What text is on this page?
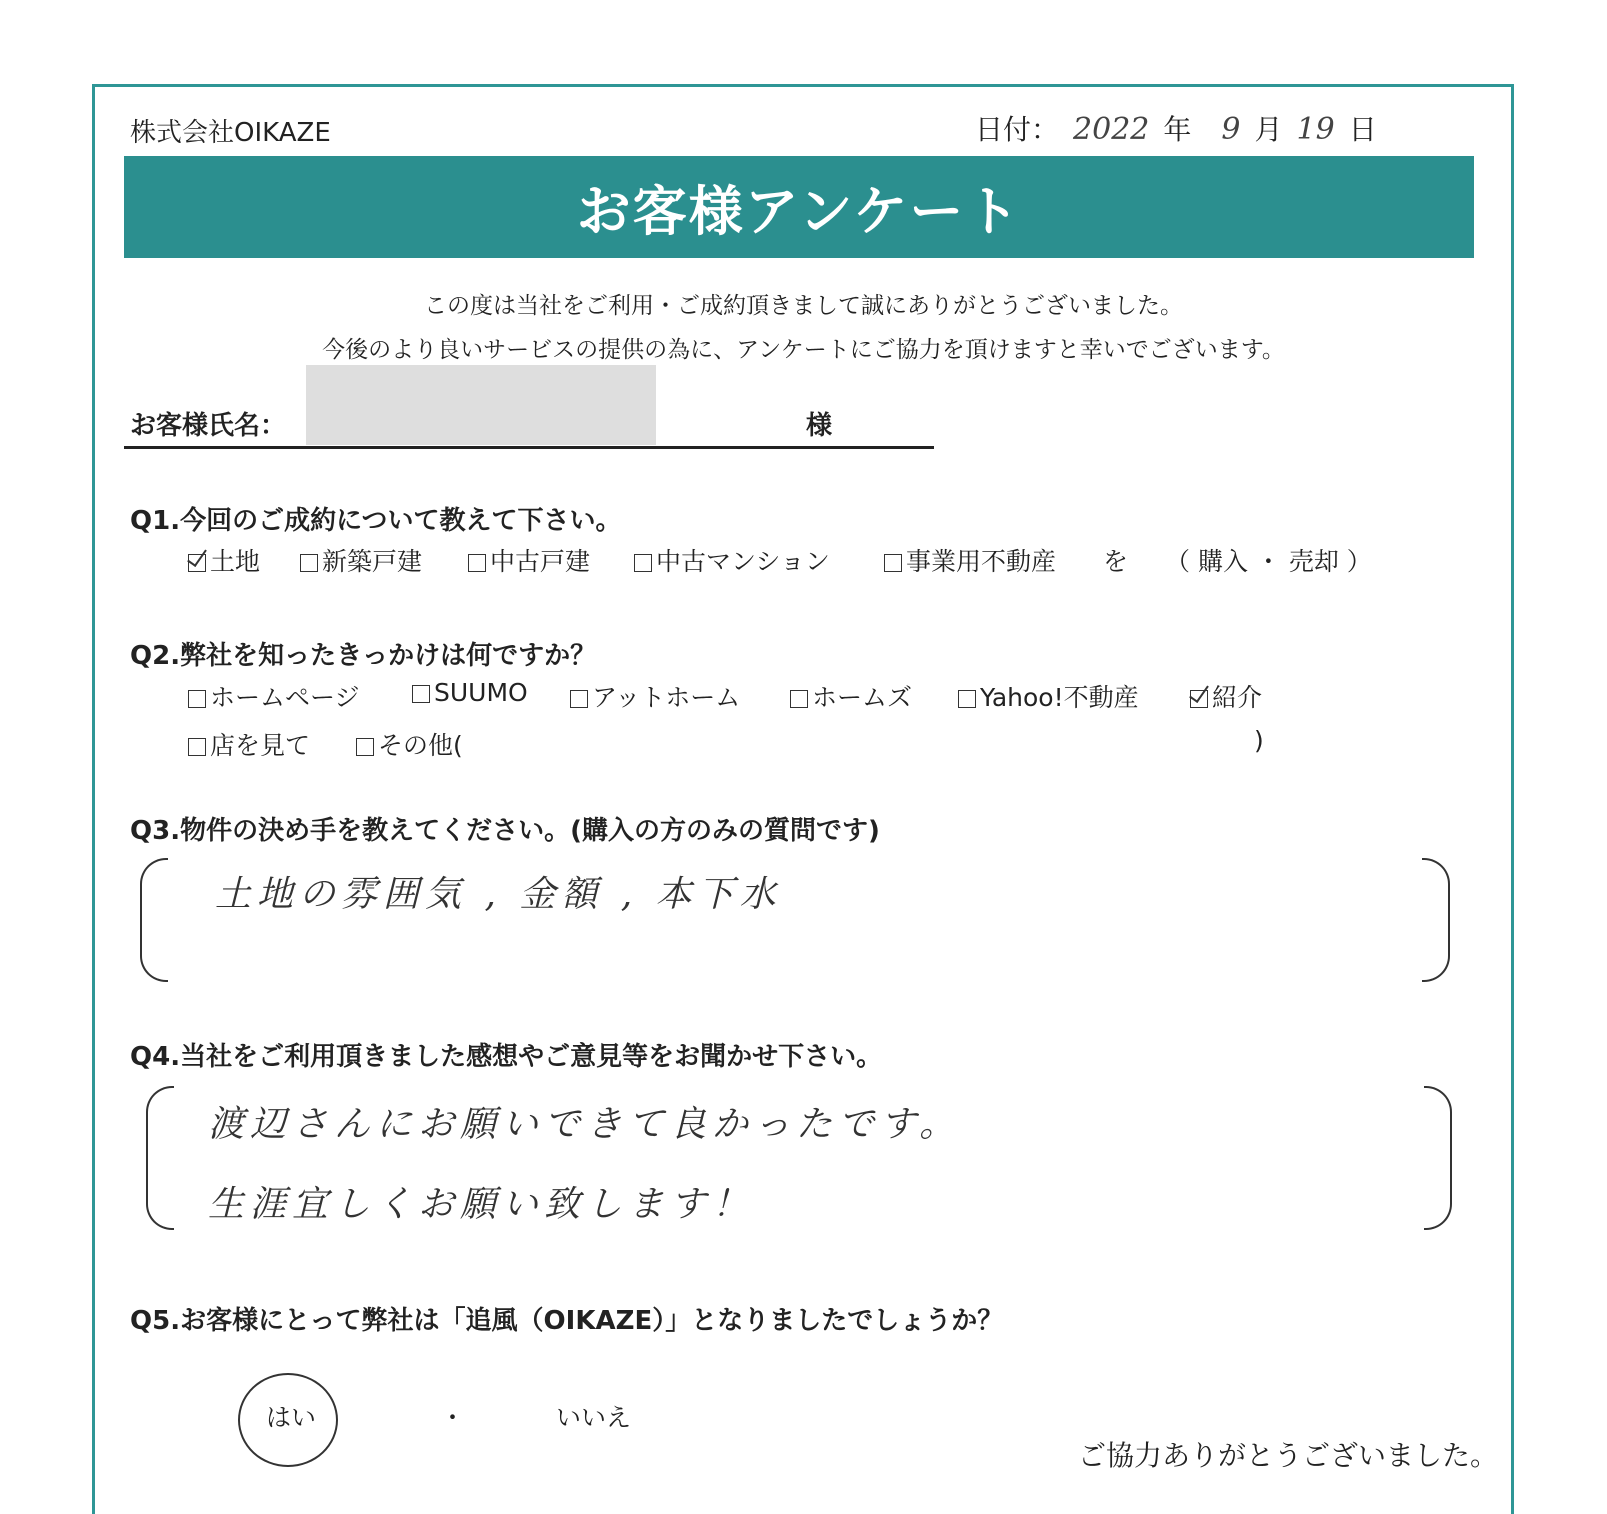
株式会社OIKAZE	日付： 2022 年 9 月 19 日
お客様アンケート
この度は当社をご利用・ご成約頂きまして誠にありがとうございました。
今後のより良いサービスの提供の為に、アンケートにご協力を頂けますと幸いでございます。
お客様氏名：	様
Q1.今回のご成約について教えて下さい。
土地	新築戸建	中古戸建	中古マンション	事業用不動産 を （ 購入 ・ 売却 ）
Q2.弊社を知ったきっかけは何ですか？
ホームページ	SUUMO	アットホーム	ホームズ	Yahoo!不動産	紹介
店を見て	その他(	)
Q3.物件の決め手を教えてください。(購入の方のみの質問です)
土地の雰囲気 , 金額 , 本下水
Q4.当社をご利用頂きました感想やご意見等をお聞かせ下さい。
渡辺さんにお願いできて良かったです。
生涯宜しくお願い致します！
Q5.お客様にとって弊社は「追風（OIKAZE）」となりましたでしょうか？
はい	・	いいえ
ご協力ありがとうございました。
